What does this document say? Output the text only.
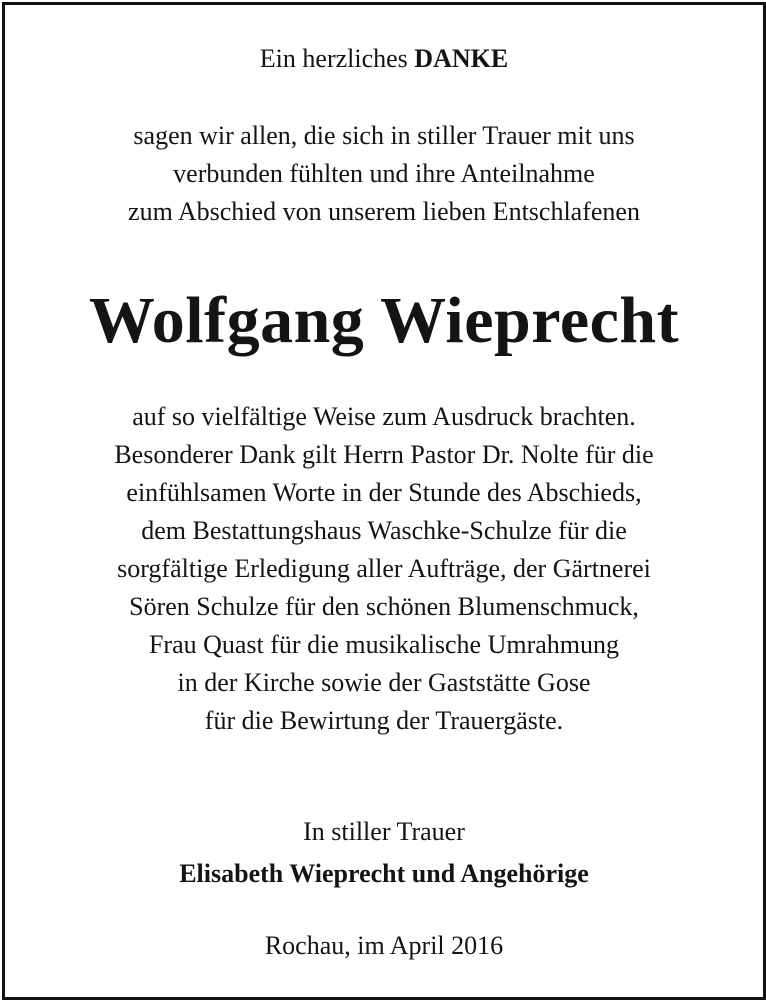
Ein herzliches DANKE
sagen wir allen, die sich in stiller Trauer mit uns
verbunden fühlten und ihre Anteilnahme
zum Abschied von unserem lieben Entschlafenen
Wolfgang Wieprecht
auf so vielfältige Weise zum Ausdruck brachten.
Besonderer Dank gilt Herrn Pastor Dr. Nolte für die
einfühlsamen Worte in der Stunde des Abschieds,
dem Bestattungshaus Waschke-Schulze für die
sorgfältige Erledigung aller Aufträge, der Gärtnerei
Sören Schulze für den schönen Blumenschmuck,
Frau Quast für die musikalische Umrahmung
in der Kirche sowie der Gaststätte Gose
für die Bewirtung der Trauergäste.
In stiller Trauer
Elisabeth Wieprecht und Angehörige
Rochau, im April 2016
